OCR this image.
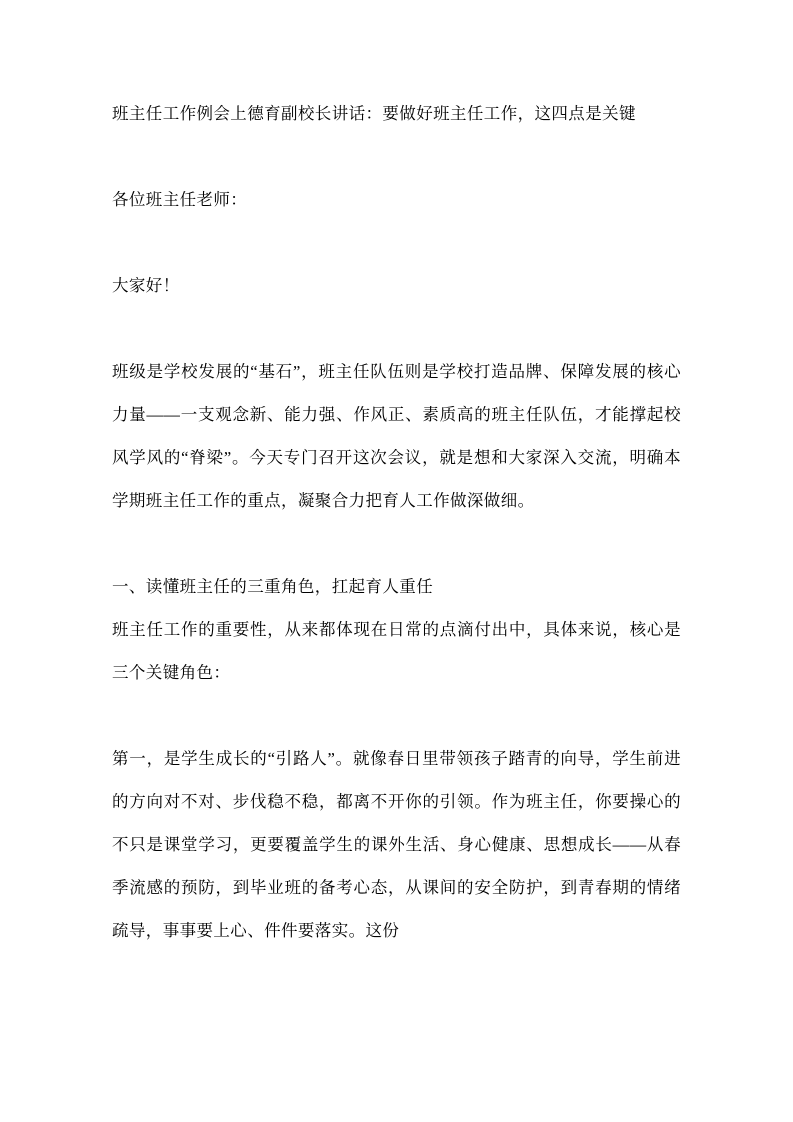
班主任工作例会上德育副校长讲话：要做好班主任工作，这四点是关键

各位班主任老师：

大家好！

班级是学校发展的“基石”，班主任队伍则是学校打造品牌、保障发展的核心力量——一支观念新、能力强、作风正、素质高的班主任队伍，才能撑起校风学风的“脊梁”。今天专门召开这次会议，就是想和大家深入交流，明确本学期班主任工作的重点，凝聚合力把育人工作做深做细。

一、读懂班主任的三重角色，扛起育人重任

班主任工作的重要性，从来都体现在日常的点滴付出中，具体来说，核心是三个关键角色：

第一，是学生成长的“引路人”。就像春日里带领孩子踏青的向导，学生前进的方向对不对、步伐稳不稳，都离不开你的引领。作为班主任，你要操心的不只是课堂学习，更要覆盖学生的课外生活、身心健康、思想成长——从春季流感的预防，到毕业班的备考心态，从课间的安全防护，到青春期的情绪疏导，事事要上心、件件要落实。这份
